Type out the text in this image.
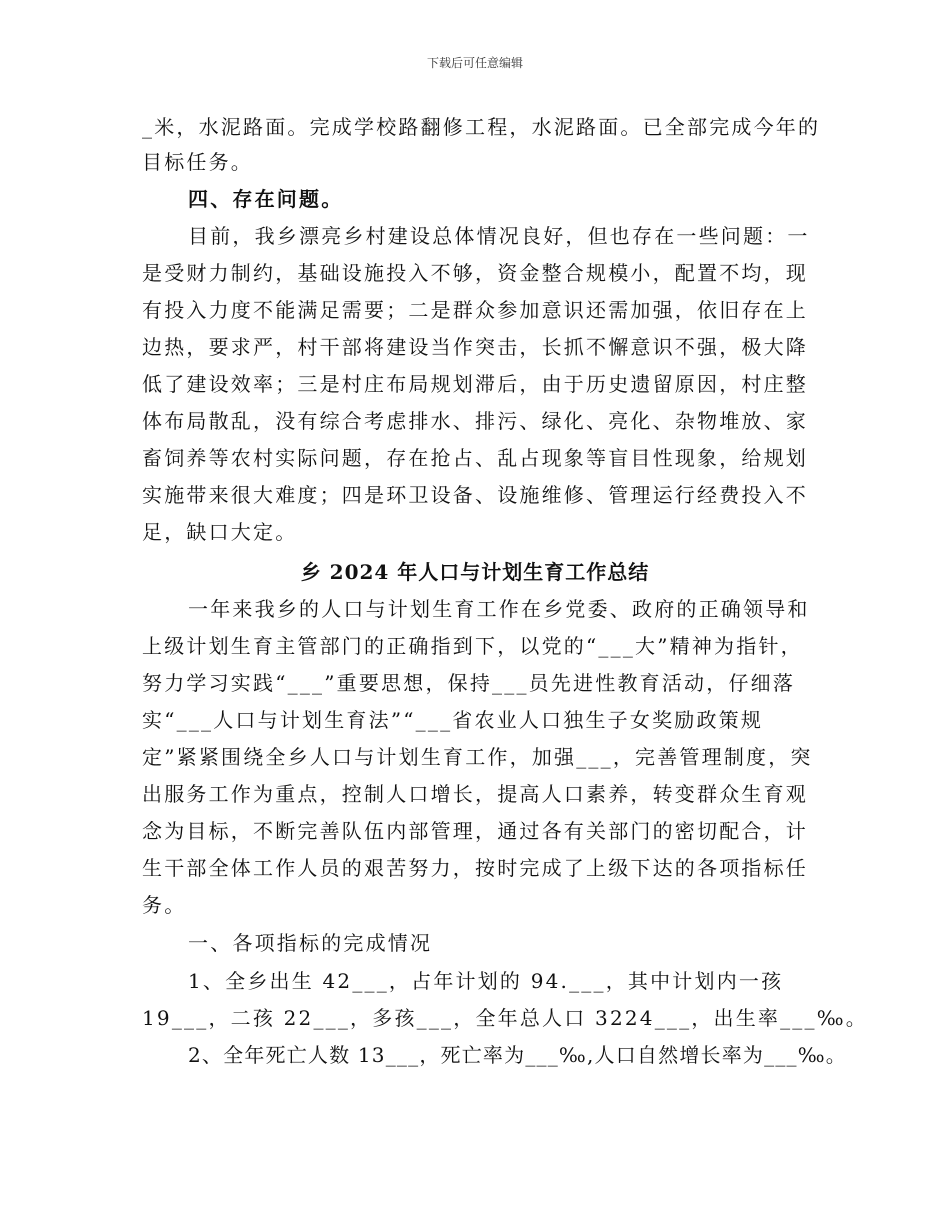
下载后可任意编辑
_米，水泥路面。完成学校路翻修工程，水泥路面。已全部完成今年的
目标任务。
四、存在问题。
目前，我乡漂亮乡村建设总体情况良好，但也存在一些问题：一
是受财力制约，基础设施投入不够，资金整合规模小，配置不均，现
有投入力度不能满足需要；二是群众参加意识还需加强，依旧存在上
边热，要求严，村干部将建设当作突击，长抓不懈意识不强，极大降
低了建设效率；三是村庄布局规划滞后，由于历史遗留原因，村庄整
体布局散乱，没有综合考虑排水、排污、绿化、亮化、杂物堆放、家
畜饲养等农村实际问题，存在抢占、乱占现象等盲目性现象，给规划
实施带来很大难度；四是环卫设备、设施维修、管理运行经费投入不
足，缺口大定。
乡 2024 年人口与计划生育工作总结
一年来我乡的人口与计划生育工作在乡党委、政府的正确领导和
上级计划生育主管部门的正确指到下，以党的“___大”精神为指针，
努力学习实践“___”重要思想，保持___员先进性教育活动，仔细落
实“___人口与计划生育法”“___省农业人口独生子女奖励政策规
定”紧紧围绕全乡人口与计划生育工作，加强___，完善管理制度，突
出服务工作为重点，控制人口增长，提高人口素养，转变群众生育观
念为目标，不断完善队伍内部管理，通过各有关部门的密切配合，计
生干部全体工作人员的艰苦努力，按时完成了上级下达的各项指标任
务。
一、各项指标的完成情况
1、全乡出生 42___，占年计划的 94.___，其中计划内一孩
19___，二孩 22___，多孩___，全年总人口 3224___，出生率___‰。
2、全年死亡人数 13___，死亡率为___‰,人口自然增长率为___‰。
